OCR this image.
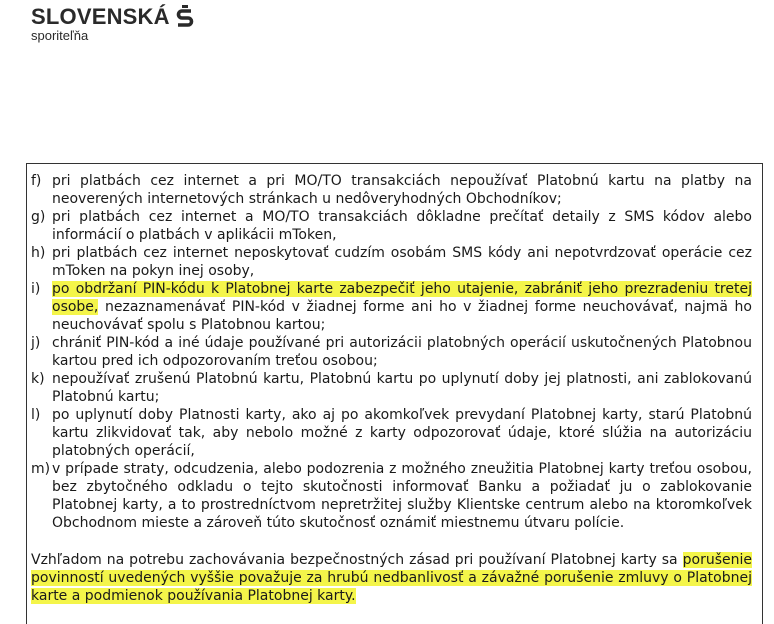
SLOVENSKÁ
sporiteľňa
f) pri platbách cez internet a pri MO/TO transakciách nepoužívať Platobnú kartu na platby na neoverených internetových stránkach u nedôveryhodných Obchodníkov;
g) pri platbách cez internet a MO/TO transakciách dôkladne prečítať detaily z SMS kódov alebo informácií o platbách v aplikácii mToken,
h) pri platbách cez internet neposkytovať cudzím osobám SMS kódy ani nepotvrdzovať operácie cez mToken na pokyn inej osoby,
i) po obdržaní PIN-kódu k Platobnej karte zabezpečiť jeho utajenie, zabrániť jeho prezradeniu tretej osobe, nezaznamenávať PIN-kód v žiadnej forme ani ho v žiadnej forme neuchovávať, najmä ho neuchovávať spolu s Platobnou kartou;
j) chrániť PIN-kód a iné údaje používané pri autorizácii platobných operácií uskutočnených Platobnou kartou pred ich odpozorovaním treťou osobou;
k) nepoužívať zrušenú Platobnú kartu, Platobnú kartu po uplynutí doby jej platnosti, ani zablokovanú Platobnú kartu;
l) po uplynutí doby Platnosti karty, ako aj po akomkoľvek prevydaní Platobnej karty, starú Platobnú kartu zlikvidovať tak, aby nebolo možné z karty odpozorovať údaje, ktoré slúžia na autorizáciu platobných operácií,
m) v prípade straty, odcudzenia, alebo podozrenia z možného zneužitia Platobnej karty treťou osobou, bez zbytočného odkladu o tejto skutočnosti informovať Banku a požiadať ju o zablokovanie Platobnej karty, a to prostredníctvom nepretržitej služby Klientske centrum alebo na ktoromkoľvek Obchodnom mieste a zároveň túto skutočnosť oznámiť miestnemu útvaru polície.
Vzhľadom na potrebu zachovávania bezpečnostných zásad pri používaní Platobnej karty sa porušenie povinností uvedených vyššie považuje za hrubú nedbanlivosť a závažné porušenie zmluvy o Platobnej karte a podmienok používania Platobnej karty.
